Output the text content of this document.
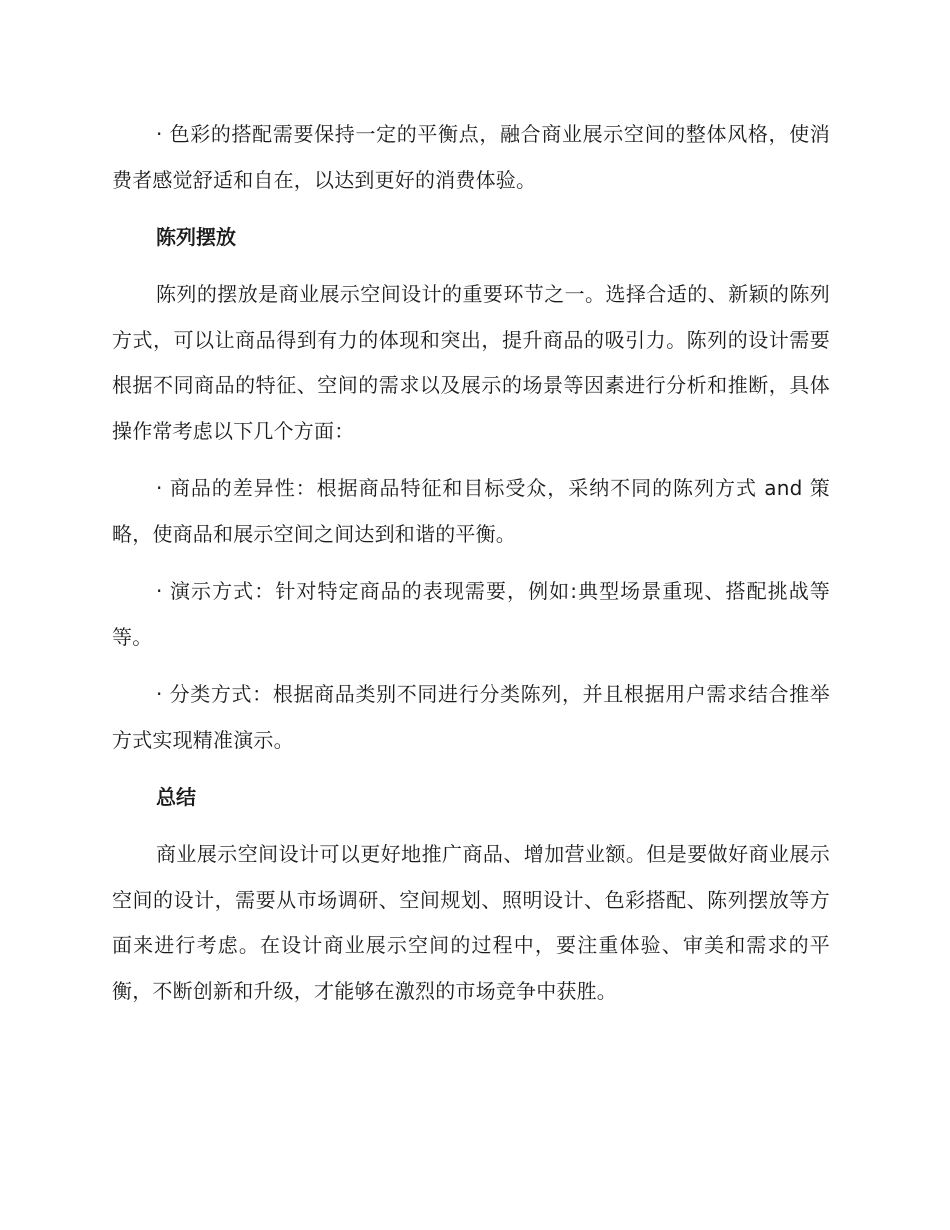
· 色彩的搭配需要保持一定的平衡点，融合商业展示空间的整体风格，使消费者感觉舒适和自在，以达到更好的消费体验。

陈列摆放

陈列的摆放是商业展示空间设计的重要环节之一。选择合适的、新颖的陈列方式，可以让商品得到有力的体现和突出，提升商品的吸引力。陈列的设计需要根据不同商品的特征、空间的需求以及展示的场景等因素进行分析和推断，具体操作常考虑以下几个方面：

· 商品的差异性：根据商品特征和目标受众，采纳不同的陈列方式 and 策略，使商品和展示空间之间达到和谐的平衡。

· 演示方式：针对特定商品的表现需要，例如:典型场景重现、搭配挑战等等。

· 分类方式：根据商品类别不同进行分类陈列，并且根据用户需求结合推举方式实现精准演示。

总结

商业展示空间设计可以更好地推广商品、增加营业额。但是要做好商业展示空间的设计，需要从市场调研、空间规划、照明设计、色彩搭配、陈列摆放等方面来进行考虑。在设计商业展示空间的过程中，要注重体验、审美和需求的平衡，不断创新和升级，才能够在激烈的市场竞争中获胜。
